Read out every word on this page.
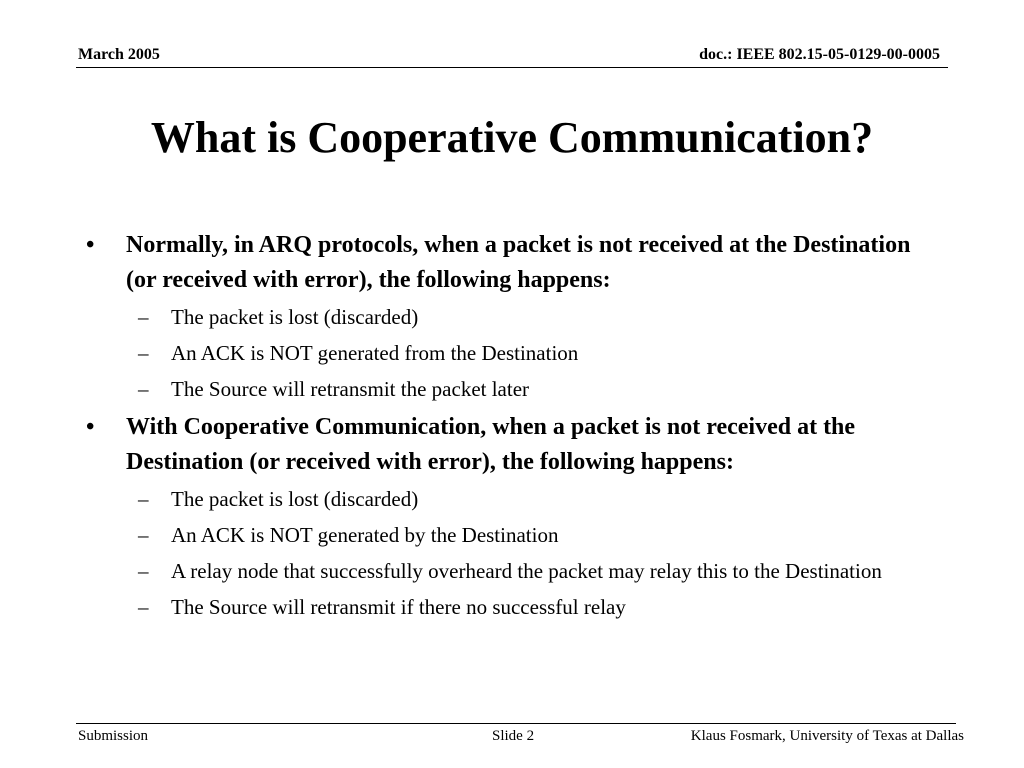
March 2005	doc.: IEEE 802.15-05-0129-00-0005
What is Cooperative Communication?
•	Normally, in ARQ protocols, when a packet is not received at the Destination (or received with error), the following happens:
– The packet is lost (discarded)
– An ACK is NOT generated from the Destination
– The Source will retransmit the packet later
•	With Cooperative Communication, when a packet is not received at the Destination (or received with error), the following happens:
– The packet is lost (discarded)
– An ACK is NOT generated by the Destination
– A relay node that successfully overheard the packet may relay this to the Destination
– The Source will retransmit if there no successful relay
Submission	Slide 2	Klaus Fosmark, University of Texas at Dallas
